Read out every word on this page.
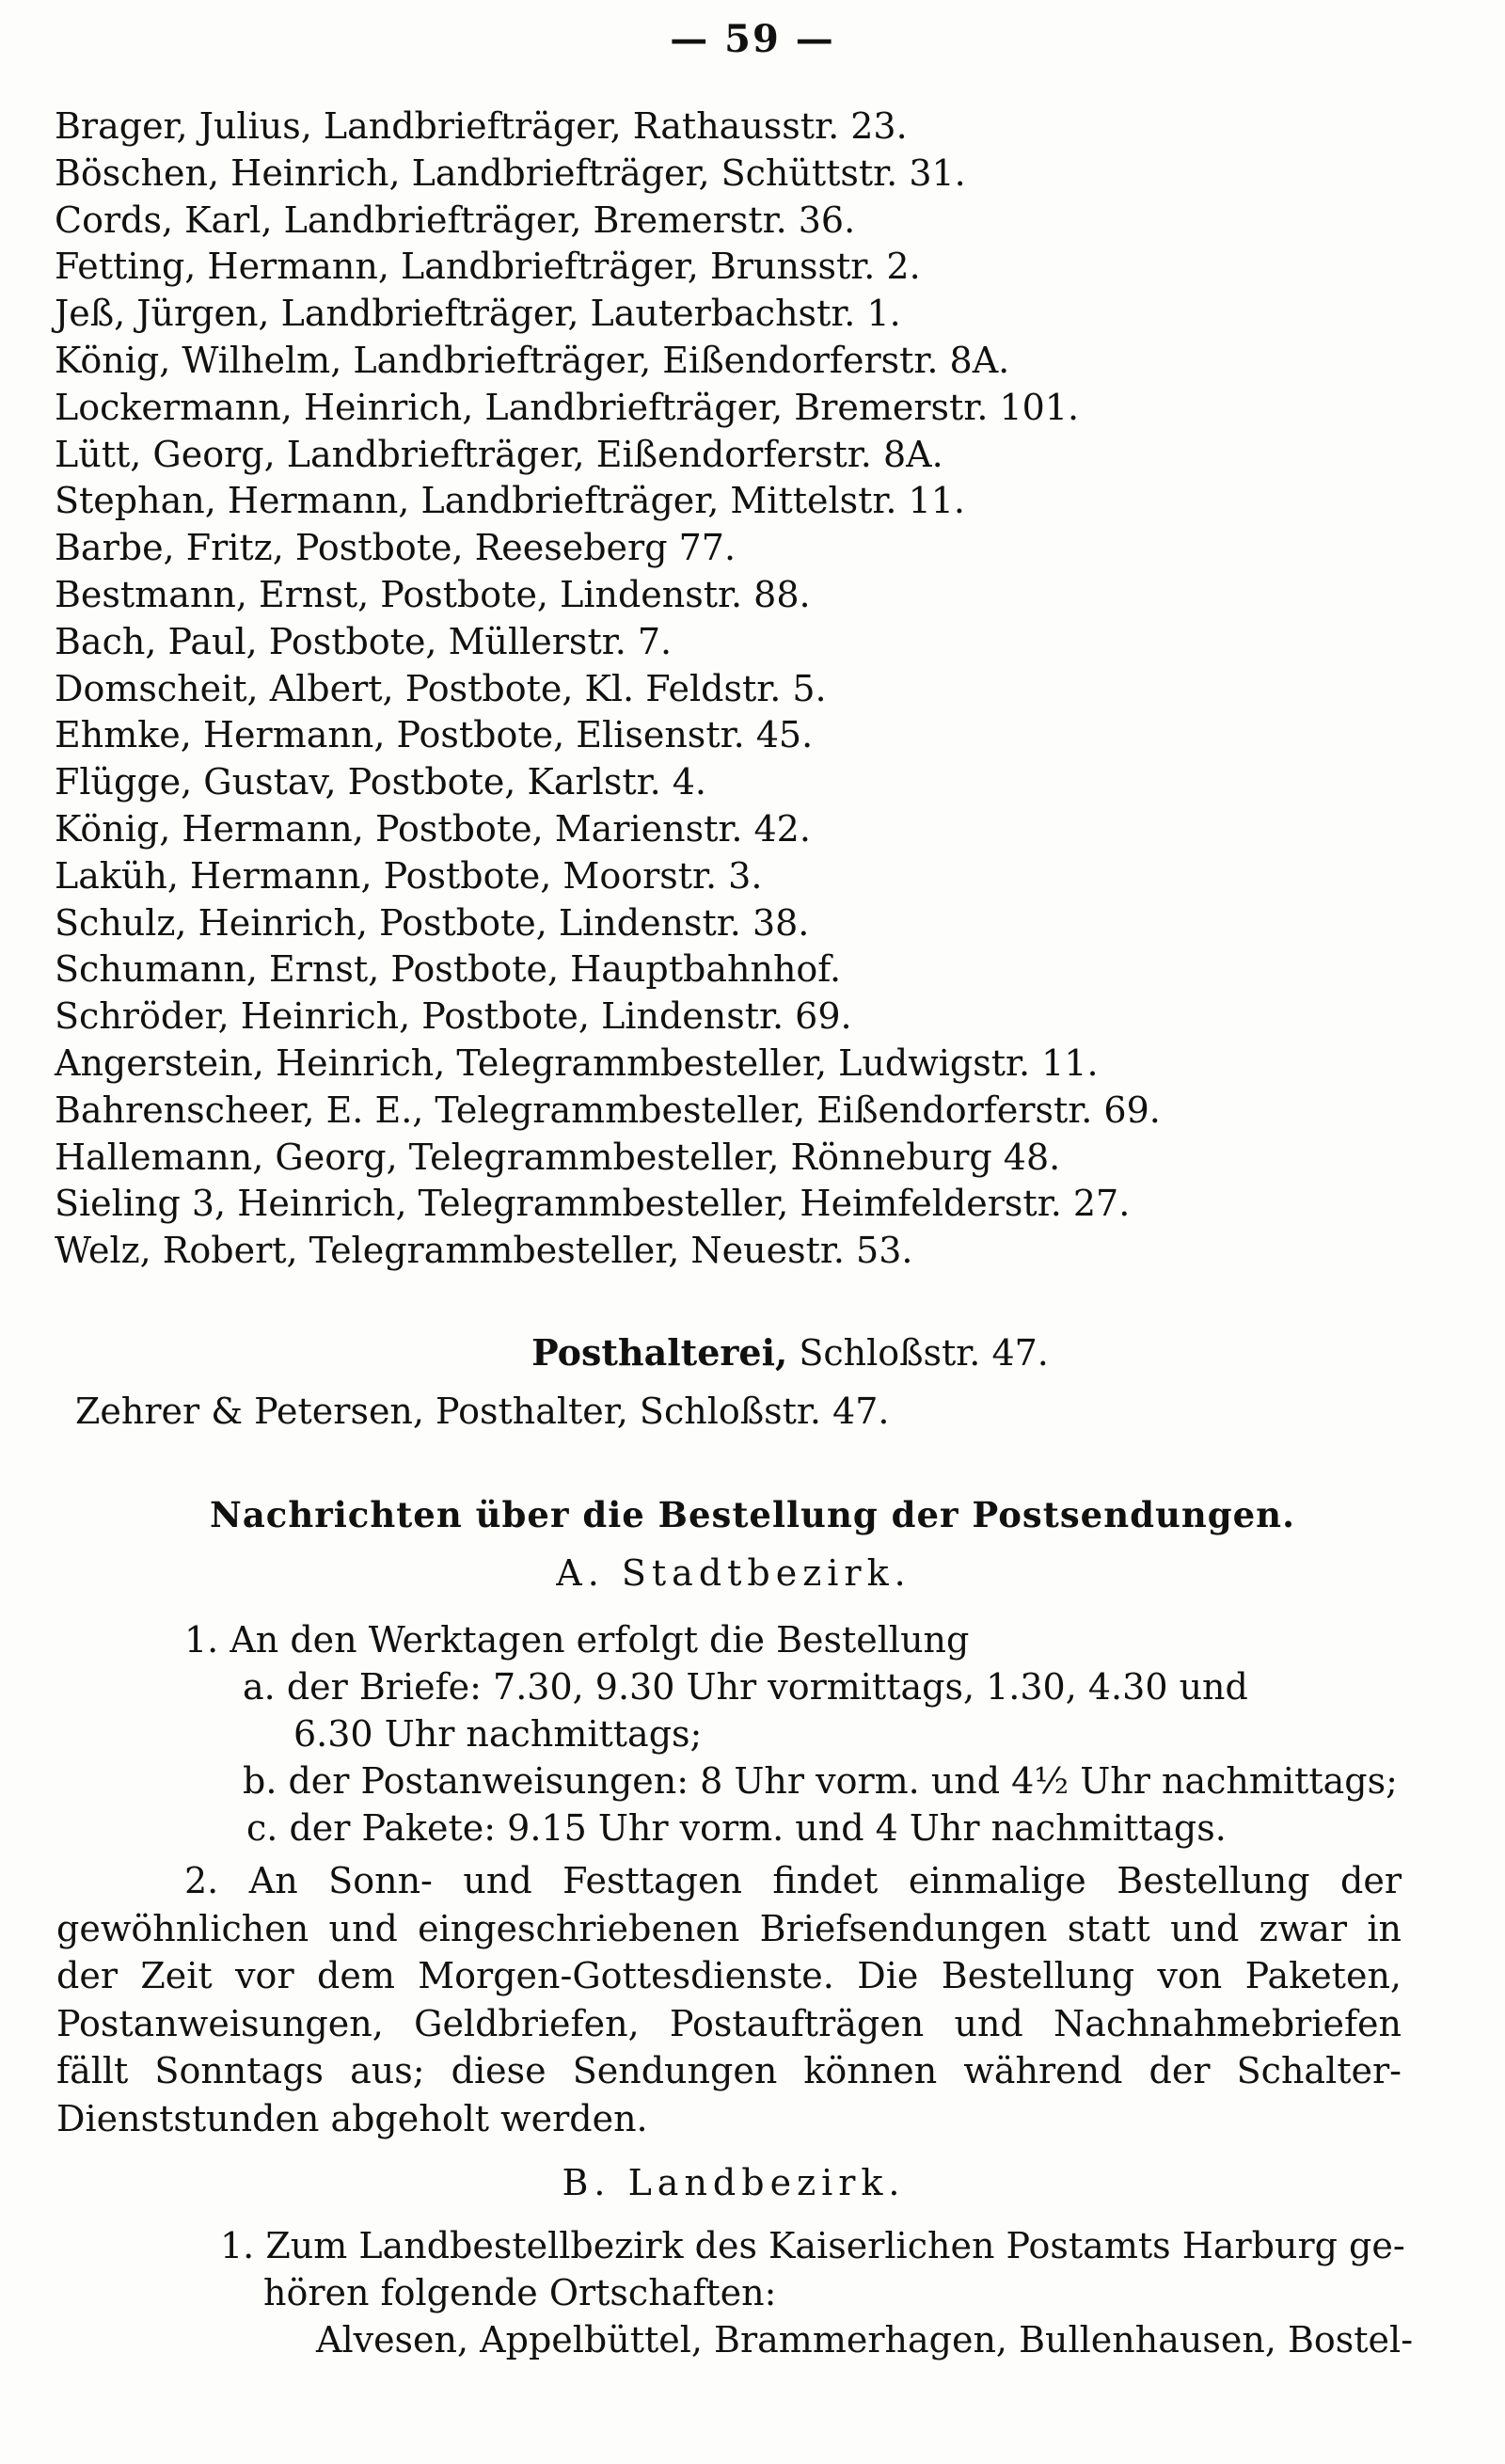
— 59 —
Brager, Julius, Landbriefträger, Rathausstr. 23.
Böschen, Heinrich, Landbriefträger, Schüttstr. 31.
Cords, Karl, Landbriefträger, Bremerstr. 36.
Fetting, Hermann, Landbriefträger, Brunsstr. 2.
Jeß, Jürgen, Landbriefträger, Lauterbachstr. 1.
König, Wilhelm, Landbriefträger, Eißendorferstr. 8A.
Lockermann, Heinrich, Landbriefträger, Bremerstr. 101.
Lütt, Georg, Landbriefträger, Eißendorferstr. 8A.
Stephan, Hermann, Landbriefträger, Mittelstr. 11.
Barbe, Fritz, Postbote, Reeseberg 77.
Bestmann, Ernst, Postbote, Lindenstr. 88.
Bach, Paul, Postbote, Müllerstr. 7.
Domscheit, Albert, Postbote, Kl. Feldstr. 5.
Ehmke, Hermann, Postbote, Elisenstr. 45.
Flügge, Gustav, Postbote, Karlstr. 4.
König, Hermann, Postbote, Marienstr. 42.
Laküh, Hermann, Postbote, Moorstr. 3.
Schulz, Heinrich, Postbote, Lindenstr. 38.
Schumann, Ernst, Postbote, Hauptbahnhof.
Schröder, Heinrich, Postbote, Lindenstr. 69.
Angerstein, Heinrich, Telegrammbesteller, Ludwigstr. 11.
Bahrenscheer, E. E., Telegrammbesteller, Eißendorferstr. 69.
Hallemann, Georg, Telegrammbesteller, Rönneburg 48.
Sieling 3, Heinrich, Telegrammbesteller, Heimfelderstr. 27.
Welz, Robert, Telegrammbesteller, Neuestr. 53.
Posthalterei, Schloßstr. 47.
Zehrer & Petersen, Posthalter, Schloßstr. 47.
Nachrichten über die Bestellung der Postsendungen.
A. Stadtbezirk.
1. An den Werktagen erfolgt die Bestellung
a. der Briefe: 7.30, 9.30 Uhr vormittags, 1.30, 4.30 und
6.30 Uhr nachmittags;
b. der Postanweisungen: 8 Uhr vorm. und 4½ Uhr nachmittags;
c. der Pakete: 9.15 Uhr vorm. und 4 Uhr nachmittags.
2. An Sonn- und Festtagen findet einmalige Bestellung der gewöhnlichen und eingeschriebenen Briefsendungen statt und zwar in der Zeit vor dem Morgen-Gottesdienste. Die Bestellung von Paketen, Postanweisungen, Geldbriefen, Postaufträgen und Nachnahmebriefen fällt Sonntags aus; diese Sendungen können während der Schalter-Dienststunden abgeholt werden.
B. Landbezirk.
1. Zum Landbestellbezirk des Kaiserlichen Postamts Harburg ge-
hören folgende Ortschaften:
Alvesen, Appelbüttel, Brammerhagen, Bullenhausen, Bostel-
